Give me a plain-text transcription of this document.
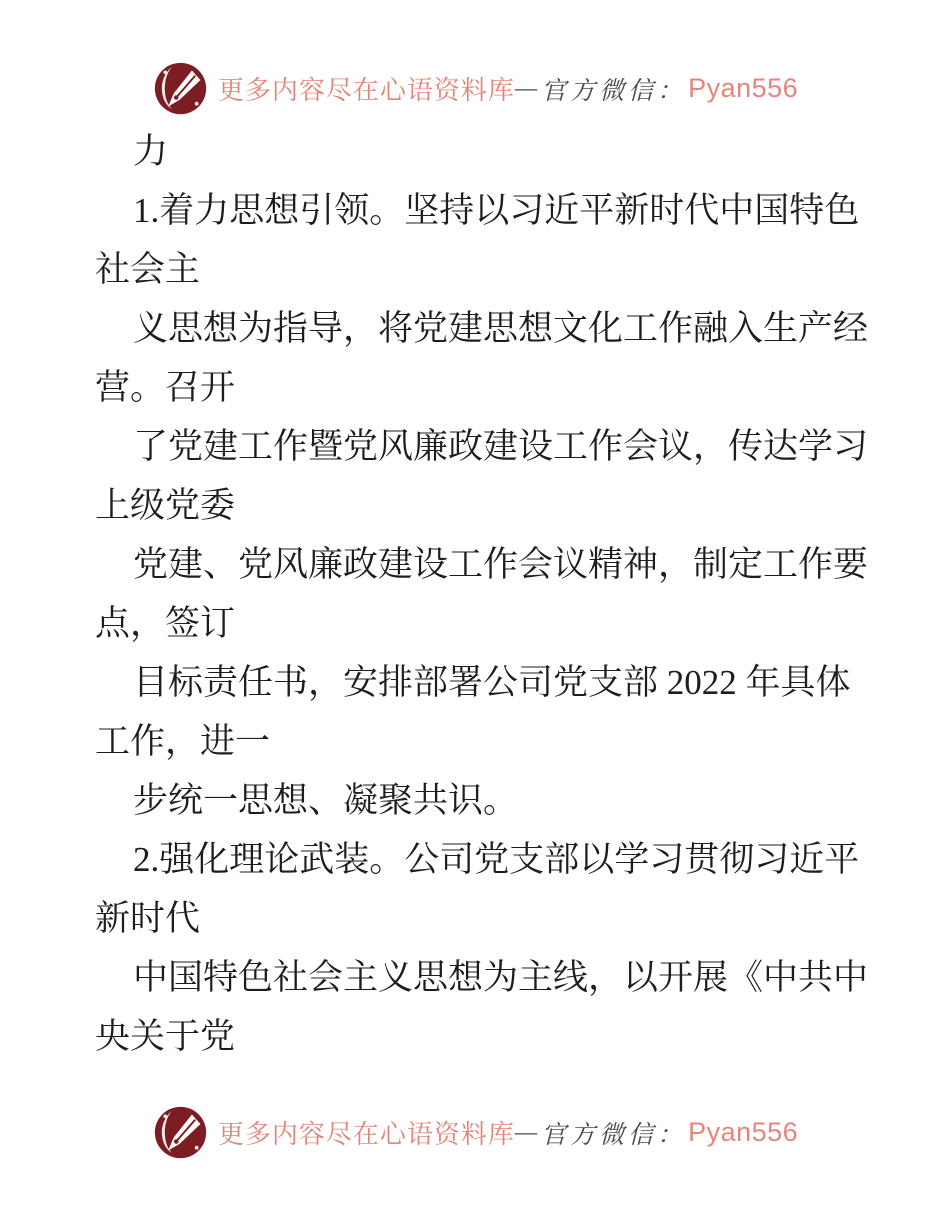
更多内容尽在心语资料库 — 官方微信： Pyan556
力
1.着力思想引领。坚持以习近平新时代中国特色
社会主
义思想为指导，将党建思想文化工作融入生产经
营。召开
了党建工作暨党风廉政建设工作会议，传达学习
上级党委
党建、党风廉政建设工作会议精神，制定工作要
点，签订
目标责任书，安排部署公司党支部 2022 年具体
工作，进一
步统一思想、凝聚共识。
2.强化理论武装。公司党支部以学习贯彻习近平
新时代
中国特色社会主义思想为主线，以开展《中共中
央关于党
更多内容尽在心语资料库 — 官方微信： Pyan556
